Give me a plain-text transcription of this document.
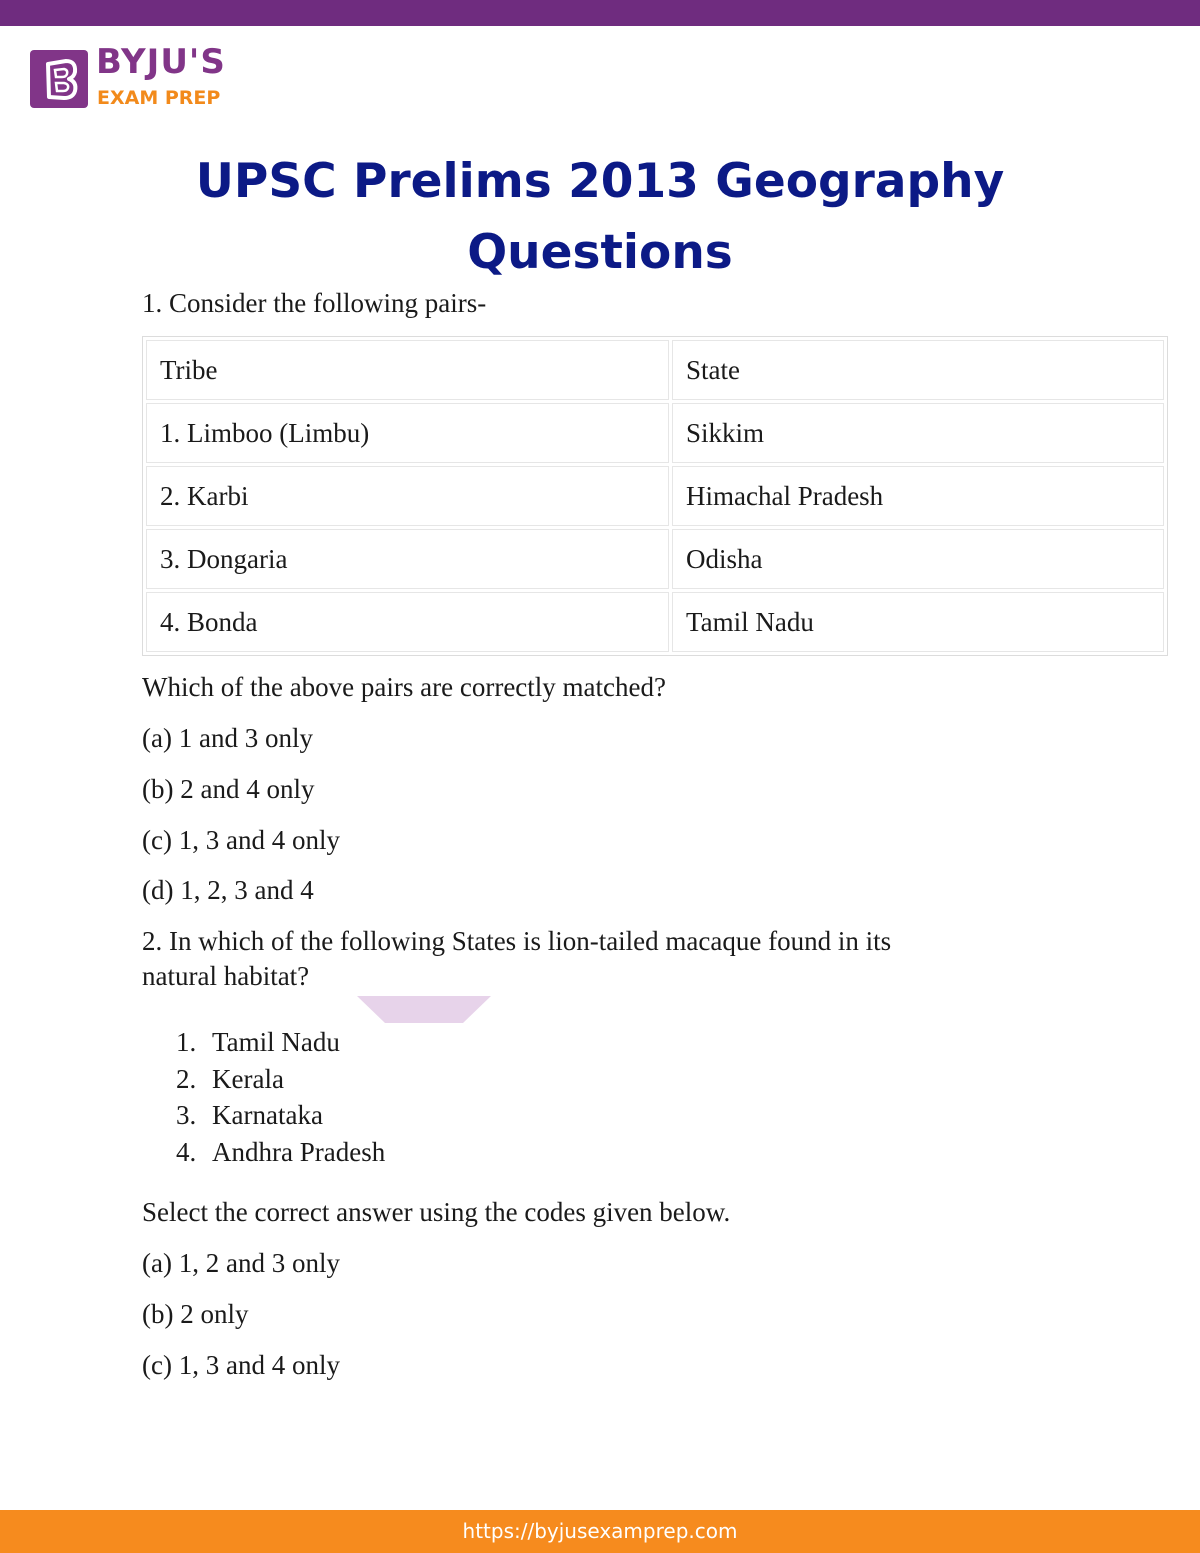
BYJU'S
EXAM PREP
UPSC Prelims 2013 Geography
Questions

1. Consider the following pairs-

Tribe	State
1. Limboo (Limbu)	Sikkim
2. Karbi	Himachal Pradesh
3. Dongaria	Odisha
4. Bonda	Tamil Nadu

Which of the above pairs are correctly matched?

(a) 1 and 3 only

(b) 2 and 4 only

(c) 1, 3 and 4 only

(d) 1, 2, 3 and 4

2. In which of the following States is lion-tailed macaque found in its

natural habitat?

1. Tamil Nadu
2. Kerala
3. Karnataka
4. Andhra Pradesh

Select the correct answer using the codes given below.

(a) 1, 2 and 3 only

(b) 2 only

(c) 1, 3 and 4 only

https://byjusexamprep.com
